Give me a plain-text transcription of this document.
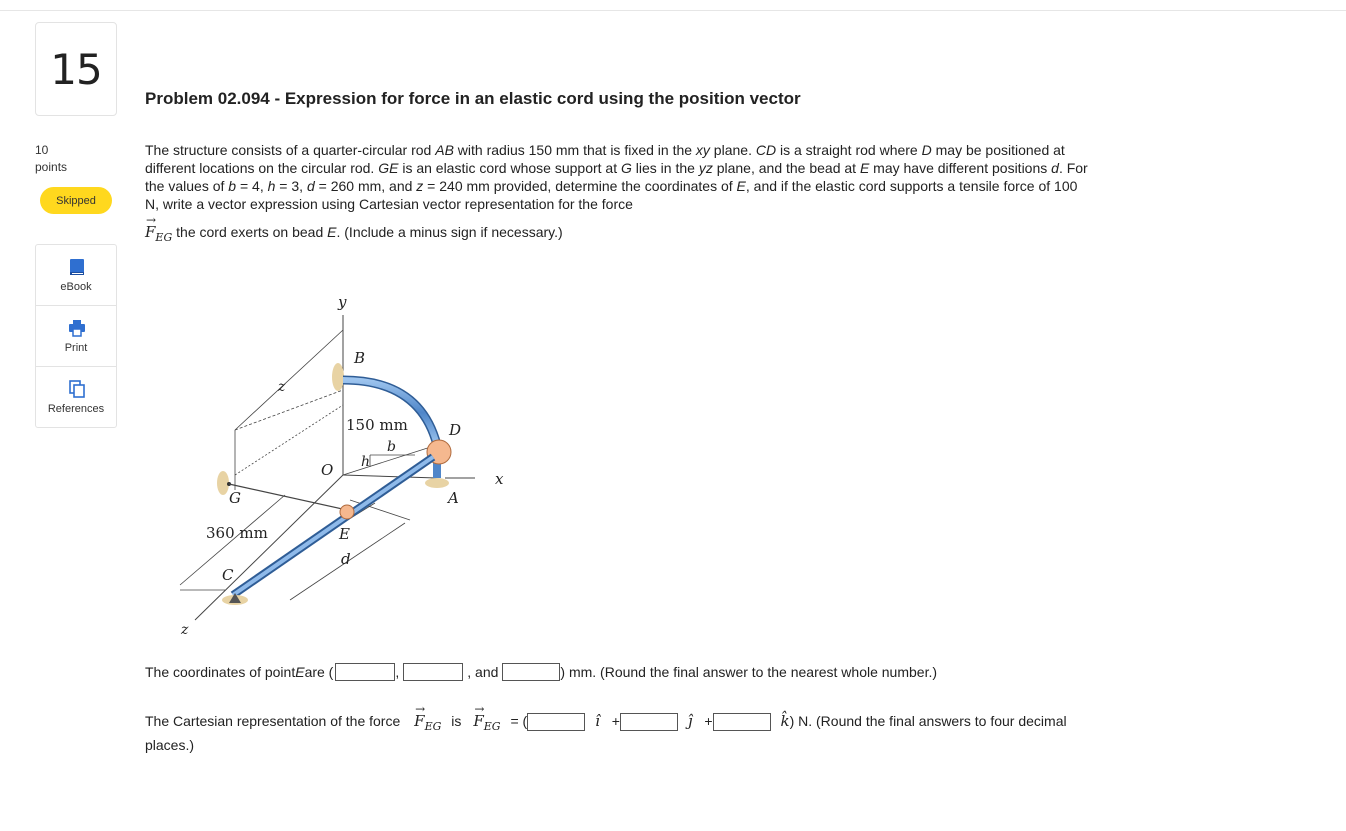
15
10
points
Skipped
eBook
Print
References
Problem 02.094 - Expression for force in an elastic cord using the position vector
The structure consists of a quarter-circular rod AB with radius 150 mm that is fixed in the xy plane. CD is a straight rod where D may be positioned at different locations on the circular rod. GE is an elastic cord whose support at G lies in the yz plane, and the bead at E may have different positions d. For the values of b = 4, h = 3, d = 260 mm, and z = 240 mm provided, determine the coordinates of E, and if the elastic cord supports a tensile force of 100 N, write a vector expression using Cartesian vector representation for the force
→
$F_{EG}$ the cord exerts on bead E. (Include a minus sign if necessary.)
y
B
z
150 mm	D
b
h
O	x
G	A
360 mm	E
d
C
z
The coordinates of point E are (	,	, and	) mm. (Round the final answer to the nearest whole number.)
The Cartesian representation of the force
→
$F_{EG}$ is
→
$F_{EG}$ = (	î +	ĵ +	k̂) N. (Round the final answers to four decimal places.)
